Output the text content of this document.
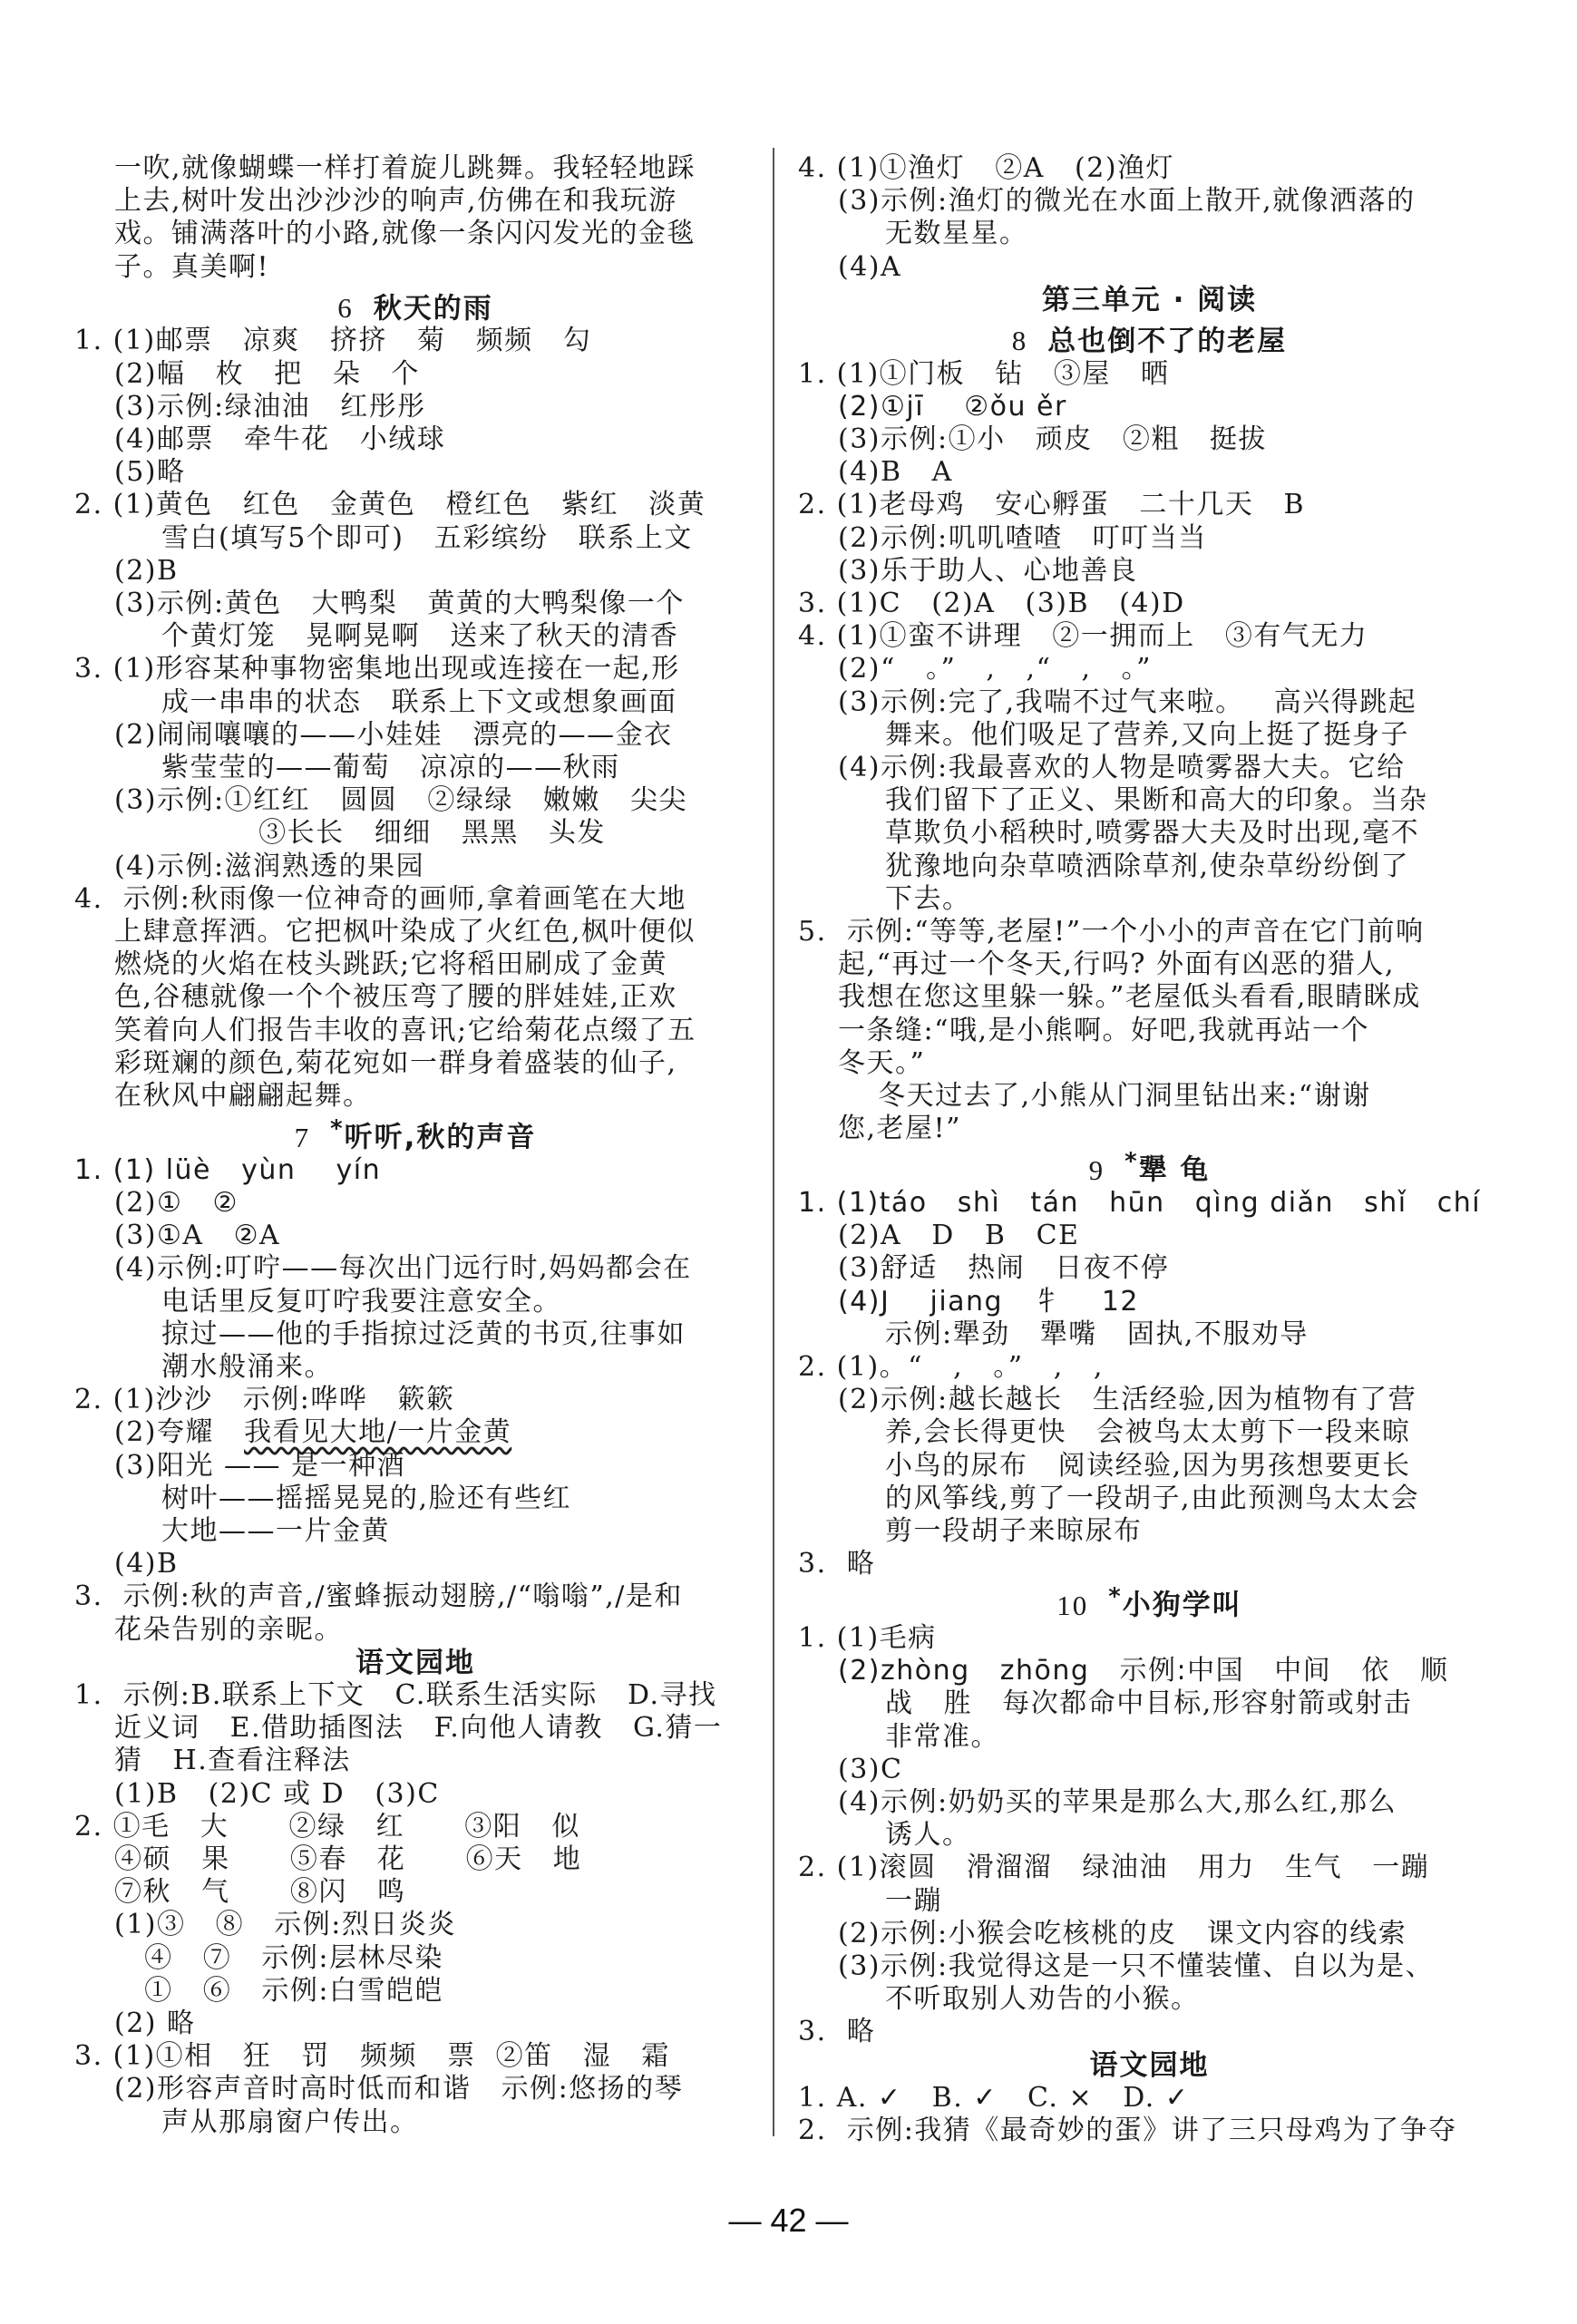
一吹,就像蝴蝶一样打着旋儿跳舞。我轻轻地踩
上去,树叶发出沙沙沙的响声,仿佛在和我玩游
戏。铺满落叶的小路,就像一条闪闪发光的金毯
子。真美啊!
6 秋天的雨
1. (1)邮票   凉爽   挤挤   菊   频频   勾
(2)幅   枚   把   朵   个
(3)示例:绿油油   红彤彤
(4)邮票   牵牛花   小绒球
(5)略
2. (1)黄色   红色   金黄色   橙红色   紫红   淡黄
雪白(填写5个即可)   五彩缤纷   联系上文
(2)B
(3)示例:黄色   大鸭梨   黄黄的大鸭梨像一个
个黄灯笼   晃啊晃啊   送来了秋天的清香
3. (1)形容某种事物密集地出现或连接在一起,形
成一串串的状态   联系上下文或想象画面
(2)闹闹嚷嚷的——小娃娃   漂亮的——金衣
紫莹莹的——葡萄   凉凉的——秋雨
(3)示例:①红红   圆圆   ②绿绿   嫩嫩   尖尖
③长长   细细   黑黑   头发
(4)示例:滋润熟透的果园
4.  示例:秋雨像一位神奇的画师,拿着画笔在大地
上肆意挥洒。它把枫叶染成了火红色,枫叶便似
燃烧的火焰在枝头跳跃;它将稻田刷成了金黄
色,谷穗就像一个个被压弯了腰的胖娃娃,正欢
笑着向人们报告丰收的喜讯;它给菊花点缀了五
彩斑斓的颜色,菊花宛如一群身着盛装的仙子,
在秋风中翩翩起舞。
7 *听听,秋的声音
1. (1) lüè   yùn    yín
(2)①   ②
(3)①A   ②A
(4)示例:叮咛——每次出门远行时,妈妈都会在
电话里反复叮咛我要注意安全。
掠过——他的手指掠过泛黄的书页,往事如
潮水般涌来。
2. (1)沙沙   示例:哗哗   簌簌
(2)夸耀   我看见大地/一片金黄
(3)阳光 —— 是一种酒
树叶——摇摇晃晃的,脸还有些红
大地——一片金黄
(4)B
3.  示例:秋的声音,/蜜蜂振动翅膀,/“嗡嗡”,/是和
花朵告别的亲昵。
语文园地
1.  示例:B.联系上下文   C.联系生活实际   D.寻找
近义词   E.借助插图法   F.向他人请教   G.猜一
猜   H.查看注释法
(1)B   (2)C 或 D   (3)C
2. ①毛   大      ②绿   红      ③阳   似
④硕   果      ⑤春   花      ⑥天   地
⑦秋   气      ⑧闪   鸣
(1)③   ⑧   示例:烈日炎炎
④   ⑦   示例:层林尽染
①   ⑥   示例:白雪皑皑
(2) 略
3. (1)①相   狂   罚   频频   票  ②笛   湿   霜
(2)形容声音时高时低而和谐   示例:悠扬的琴
声从那扇窗户传出。
4. (1)①渔灯   ②A   (2)渔灯
(3)示例:渔灯的微光在水面上散开,就像洒落的
无数星星。
(4)A
第三单元 · 阅读
8 总也倒不了的老屋
1. (1)①门板   钻   ③屋   晒
(2)①jī    ②ǒu ěr
(3)示例:①小   顽皮   ②粗   挺拔
(4)B   A
2. (1)老母鸡   安心孵蛋   二十几天   B
(2)示例:叽叽喳喳   叮叮当当
(3)乐于助人、心地善良
3. (1)C   (2)A   (3)B   (4)D
4. (1)①蛮不讲理   ②一拥而上   ③有气无力
(2)“   。”   ,   ,“   ,   。”
(3)示例:完了,我喘不过气来啦。   高兴得跳起
舞来。他们吸足了营养,又向上挺了挺身子
(4)示例:我最喜欢的人物是喷雾器大夫。它给
我们留下了正义、果断和高大的印象。当杂
草欺负小稻秧时,喷雾器大夫及时出现,毫不
犹豫地向杂草喷洒除草剂,使杂草纷纷倒了
下去。
5.  示例:“等等,老屋!”一个小小的声音在它门前响
起,“再过一个冬天,行吗? 外面有凶恶的猎人,
我想在您这里躲一躲。”老屋低头看看,眼睛眯成
一条缝:“哦,是小熊啊。好吧,我就再站一个
冬天。”
冬天过去了,小熊从门洞里钻出来:“谢谢
您,老屋!”
9 *犟 龟
1. (1)táo   shì   tán   hūn   qìng diǎn   shǐ   chí
(2)A   D   B   CE
(3)舒适   热闹   日夜不停
(4)J    jiang   牜    12
示例:犟劲   犟嘴   固执,不服劝导
2. (1)。“   ,   。”   ,   ,
(2)示例:越长越长   生活经验,因为植物有了营
养,会长得更快   会被鸟太太剪下一段来晾
小鸟的尿布   阅读经验,因为男孩想要更长
的风筝线,剪了一段胡子,由此预测鸟太太会
剪一段胡子来晾尿布
3.  略
10 *小狗学叫
1. (1)毛病
(2)zhòng   zhōng   示例:中国   中间   依   顺
战   胜   每次都命中目标,形容射箭或射击
非常准。
(3)C
(4)示例:奶奶买的苹果是那么大,那么红,那么
诱人。
2. (1)滚圆   滑溜溜   绿油油   用力   生气   一蹦
一蹦
(2)示例:小猴会吃核桃的皮   课文内容的线索
(3)示例:我觉得这是一只不懂装懂、自以为是、
不听取别人劝告的小猴。
3.  略
语文园地
1. A. ✓   B. ✓   C. ×   D. ✓
2.  示例:我猜《最奇妙的蛋》讲了三只母鸡为了争夺
— 42 —
